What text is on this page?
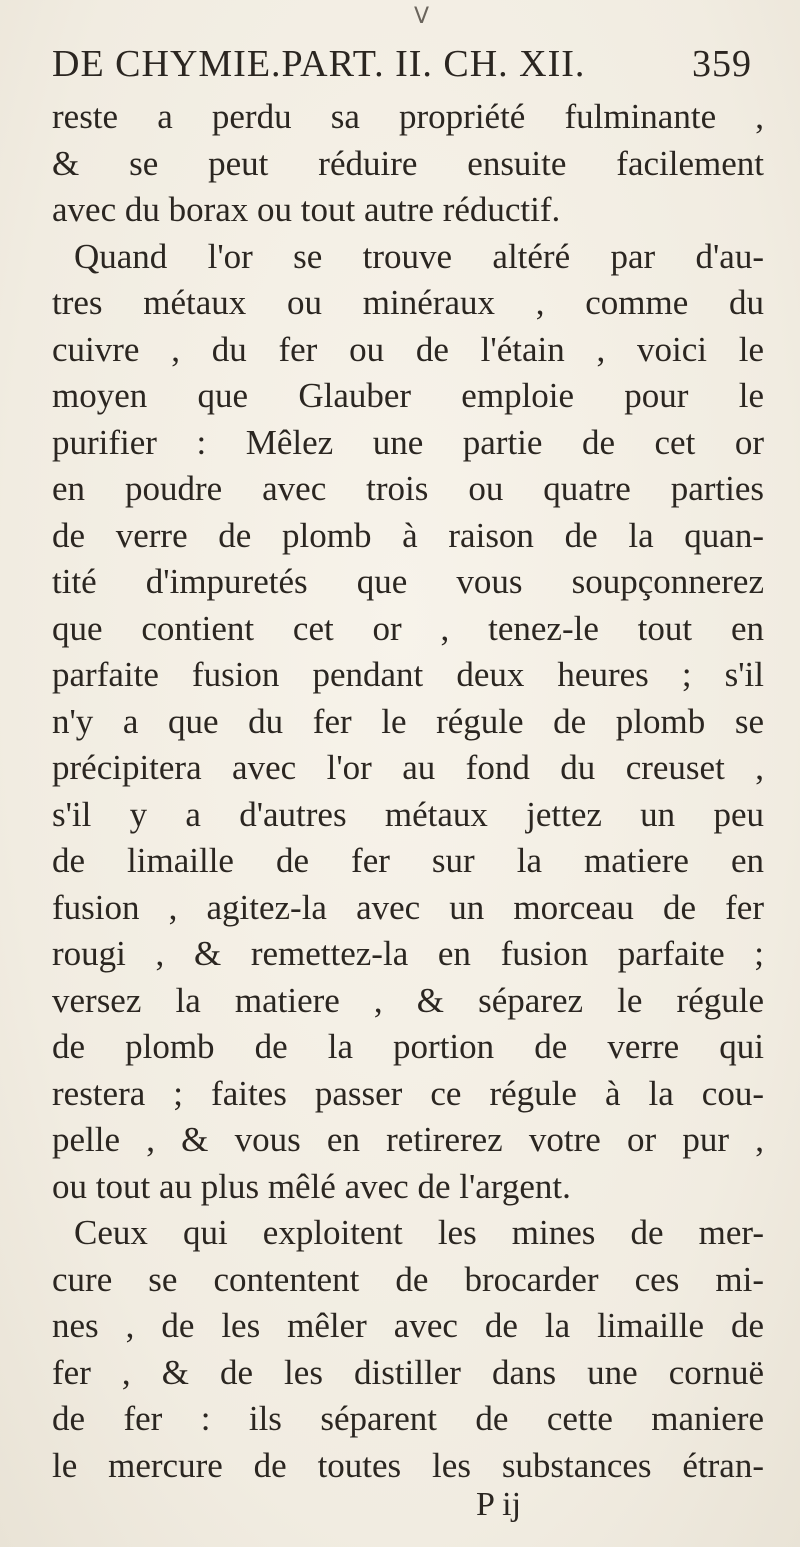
V
DE CHYMIE.PART. II. CH. XII.	359
reste a perdu sa propriété fulminante ,
& se peut réduire ensuite facilement
avec du borax ou tout autre réductif.
Quand l'or se trouve altéré par d'au-
tres métaux ou minéraux , comme du
cuivre , du fer ou de l'étain , voici le
moyen que Glauber emploie pour le
purifier : Mêlez une partie de cet or
en poudre avec trois ou quatre parties
de verre de plomb à raison de la quan-
tité d'impuretés que vous soupçonnerez
que contient cet or , tenez-le tout en
parfaite fusion pendant deux heures ; s'il
n'y a que du fer le régule de plomb se
précipitera avec l'or au fond du creuset ,
s'il y a d'autres métaux jettez un peu
de limaille de fer sur la matiere en
fusion , agitez-la avec un morceau de fer
rougi , & remettez-la en fusion parfaite ;
versez la matiere , & séparez le régule
de plomb de la portion de verre qui
restera ; faites passer ce régule à la cou-
pelle , & vous en retirerez votre or pur ,
ou tout au plus mêlé avec de l'argent.
Ceux qui exploitent les mines de mer-
cure se contentent de brocarder ces mi-
nes , de les mêler avec de la limaille de
fer , & de les distiller dans une cornuë
de fer : ils séparent de cette maniere
le mercure de toutes les substances étran-
P ij
